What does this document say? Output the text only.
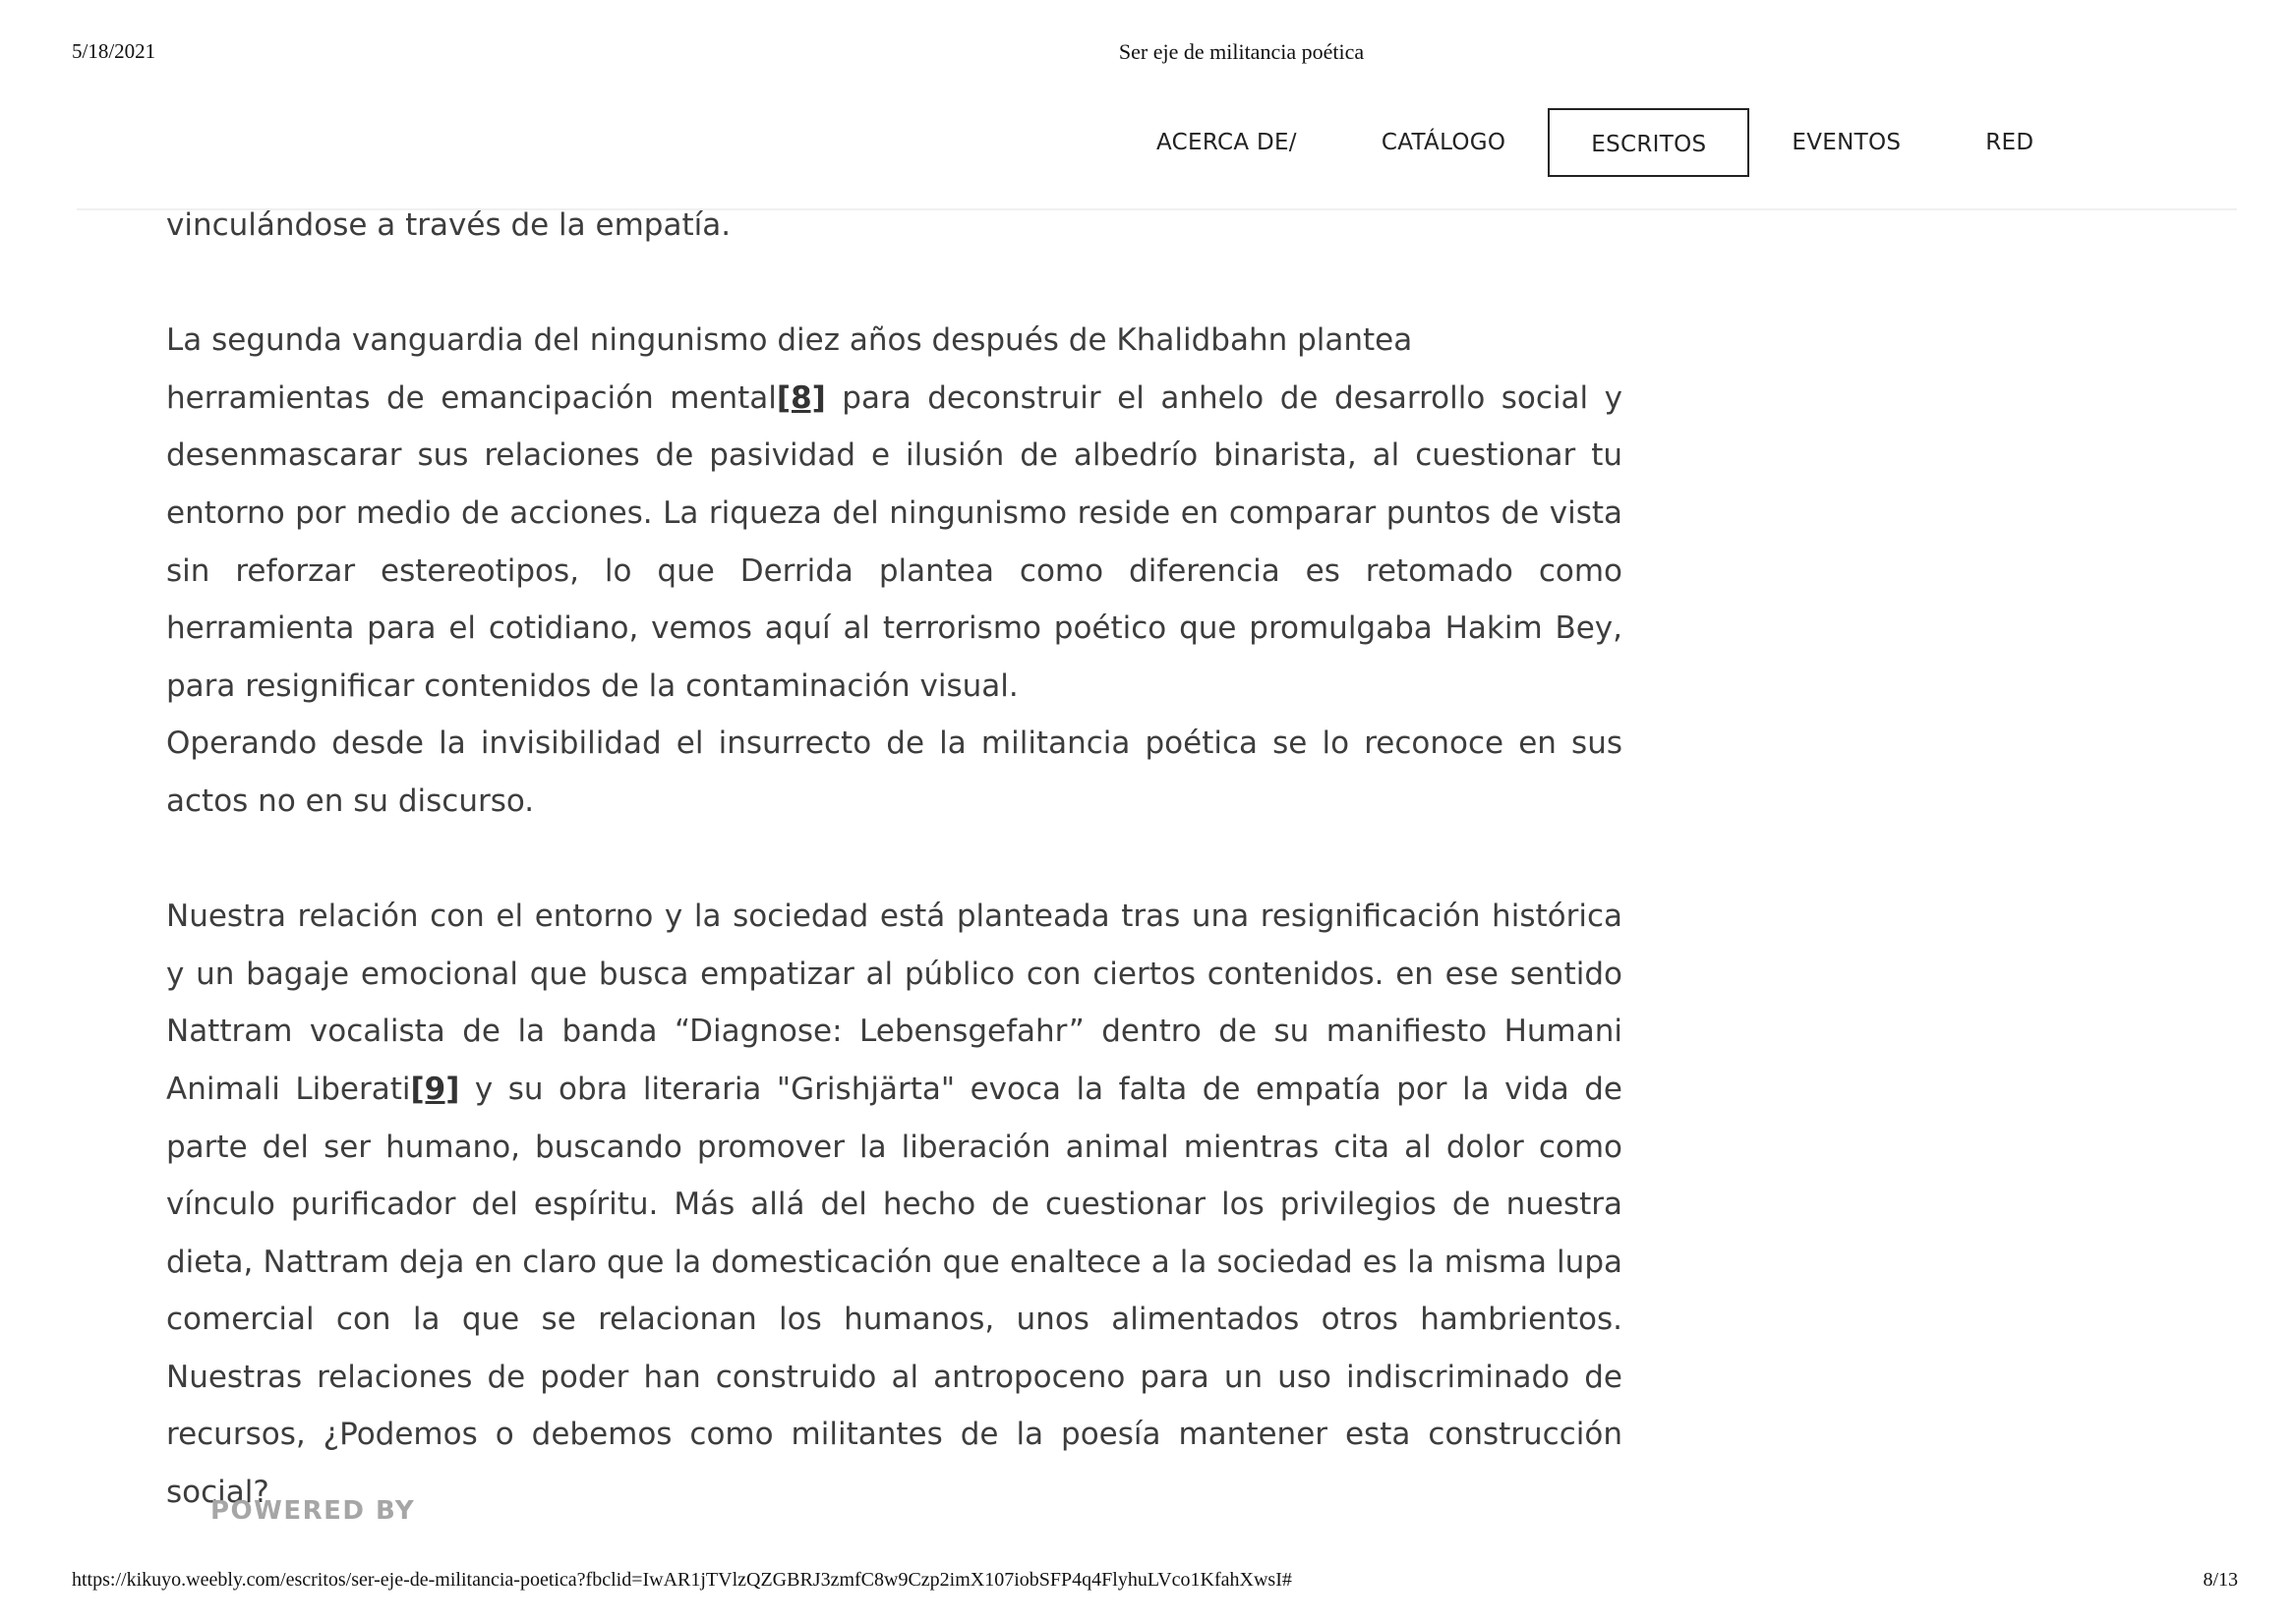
5/18/2021	Ser eje de militancia poética
ACERCA DE/	CATÁLOGO	ESCRITOS	EVENTOS	RED

vinculándose a través de la empatía.

La segunda vanguardia del ningunismo diez años después de Khalidbahn plantea

herramientas de emancipación mental[8] para deconstruir el anhelo de desarrollo social y desenmascarar sus relaciones de pasividad e ilusión de albedrío binarista, al cuestionar tu entorno por medio de acciones. La riqueza del ningunismo reside en comparar puntos de vista sin reforzar estereotipos, lo que Derrida plantea como diferencia es retomado como herramienta para el cotidiano, vemos aquí al terrorismo poético que promulgaba Hakim Bey, para resignificar contenidos de la contaminación visual.

Operando desde la invisibilidad el insurrecto de la militancia poética se lo reconoce en sus actos no en su discurso.

Nuestra relación con el entorno y la sociedad está planteada tras una resignificación histórica y un bagaje emocional que busca empatizar al público con ciertos contenidos. en ese sentido Nattram vocalista de la banda “Diagnose: Lebensgefahr” dentro de su manifiesto Humani Animali Liberati[9] y su obra literaria "Grishjärta" evoca la falta de empatía por la vida de parte del ser humano, buscando promover la liberación animal mientras cita al dolor como vínculo purificador del espíritu. Más allá del hecho de cuestionar los privilegios de nuestra dieta, Nattram deja en claro que la domesticación que enaltece a la sociedad es la misma lupa comercial con la que se relacionan los humanos, unos alimentados otros hambrientos. Nuestras relaciones de poder han construido al antropoceno para un uso indiscriminado de recursos, ¿Podemos o debemos como militantes de la poesía mantener esta construcción social?

POWERED BY
https://kikuyo.weebly.com/escritos/ser-eje-de-militancia-poetica?fbclid=IwAR1jTVlzQZGBRJ3zmfC8w9Czp2imX107iobSFP4q4FlyhuLVco1KfahXwsI#	8/13
